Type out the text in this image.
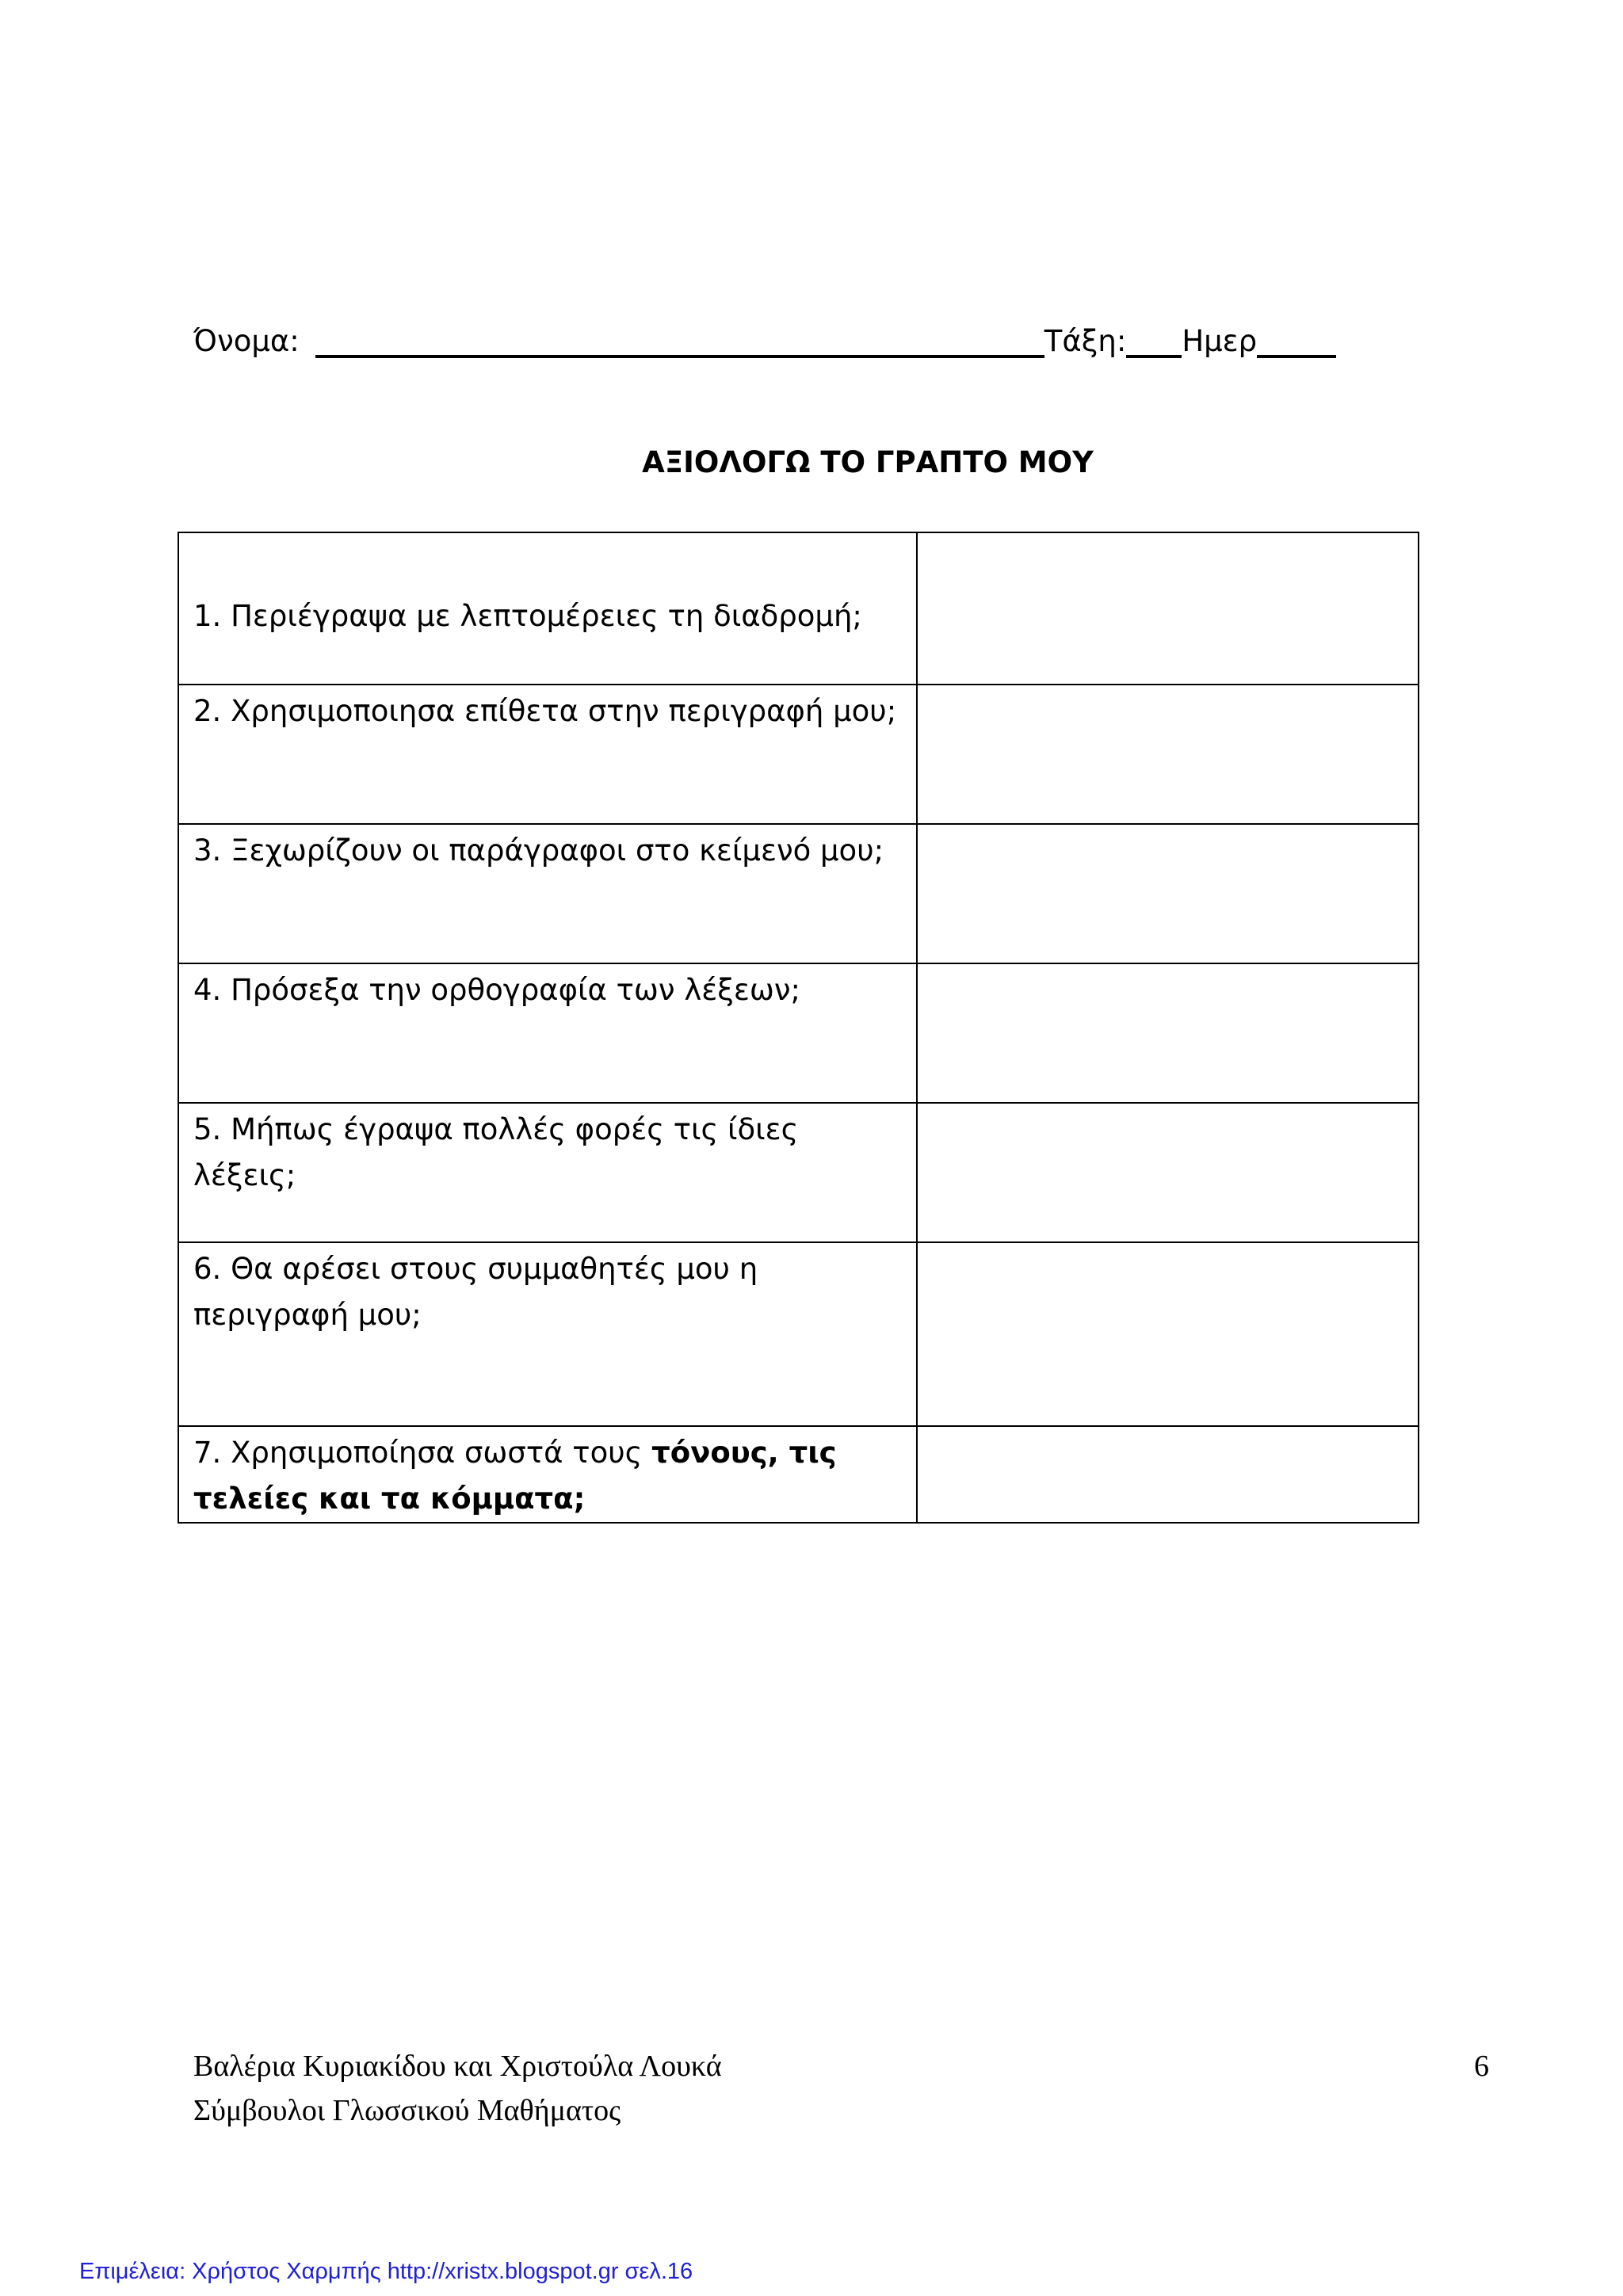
Όνομα:	Τάξη: Ημερ
ΑΞΙΟΛΟΓΩ ΤΟ ΓΡΑΠΤΟ ΜΟΥ
1. Περιέγραψα με λεπτομέρειες τη διαδρομή;	
2. Χρησιμοποιησα επίθετα στην περιγραφή μου;	
3. Ξεχωρίζουν οι παράγραφοι στο κείμενό μου;	
4. Πρόσεξα την ορθογραφία των λέξεων;	
5. Μήπως έγραψα πολλές φορές τις ίδιες λέξεις;	
6. Θα αρέσει στους συμμαθητές μου η περιγραφή μου;	
7. Χρησιμοποίησα σωστά τους τόνους, τις τελείες και τα κόμματα;	
Βαλέρια Κυριακίδου και Χριστούλα Λουκά
Σύμβουλοι Γλωσσικού Μαθήματος
6
Επιμέλεια: Χρήστος Χαρμπής http://xristx.blogspot.gr σελ.16
